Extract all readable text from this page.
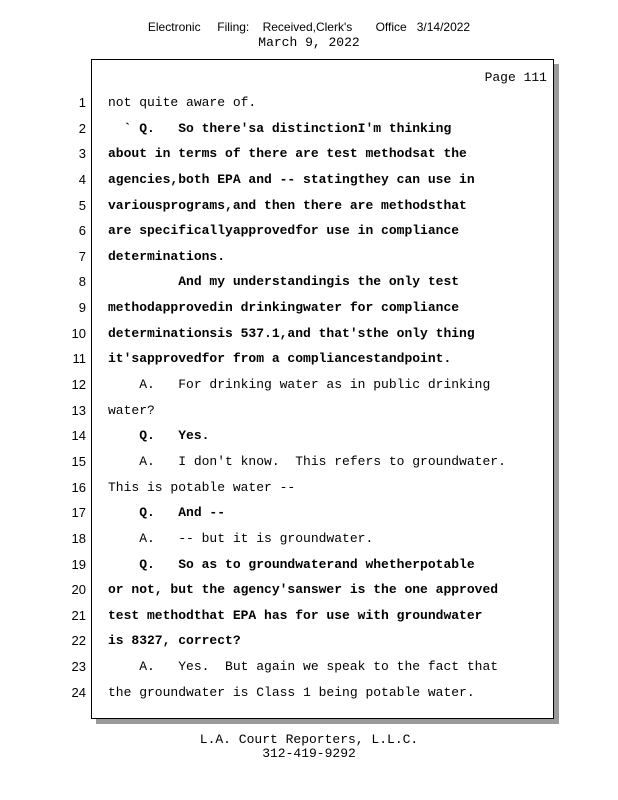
Electronic     Filing:    Received,Clerk's       Office   3/14/2022
March 9, 2022
Page 111
1
2
3
4
5
6
7
8
9
10
11
12
13
14
15
16
17
18
19
20
21
22
23
24
not quite aware of.
` Q.   So there'sa distinctionI'm thinking
about in terms of there are test methodsat the
agencies,both EPA and -- statingthey can use in
variousprograms,and then there are methodsthat
are specificallyapprovedfor use in compliance
determinations.
And my understandingis the only test
methodapprovedin drinkingwater for compliance
determinationsis 537.1,and that'sthe only thing
it'sapprovedfor from a compliancestandpoint.
A.   For drinking water as in public drinking
water?
Q.   Yes.
A.   I don't know.  This refers to groundwater.
This is potable water --
Q.   And --
A.   -- but it is groundwater.
Q.   So as to groundwaterand whetherpotable
or not, but the agency'sanswer is the one approved
test methodthat EPA has for use with groundwater
is 8327, correct?
A.   Yes.  But again we speak to the fact that
the groundwater is Class 1 being potable water.
L.A. Court Reporters, L.L.C.
312-419-9292
